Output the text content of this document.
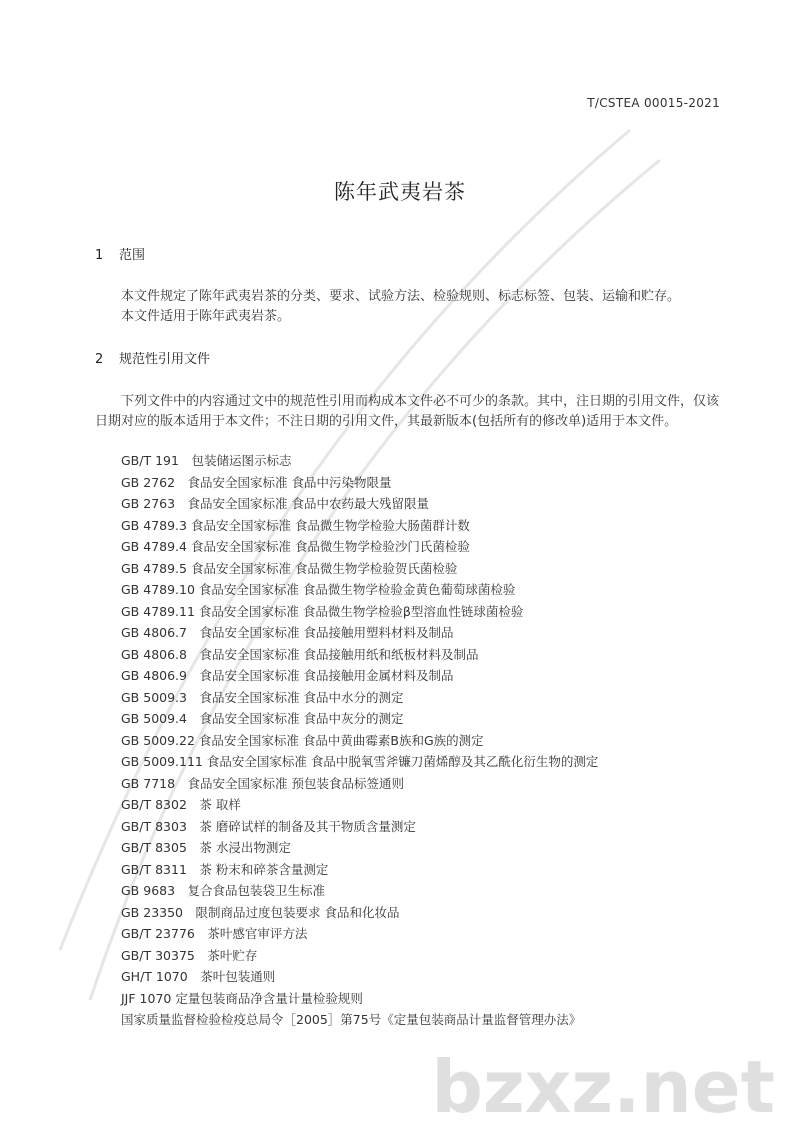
bzxz.net
T/CSTEA 00015-2021
陈年武夷岩茶
1 范围
本文件规定了陈年武夷岩茶的分类、要求、试验方法、检验规则、标志标签、包装、运输和贮存。
本文件适用于陈年武夷岩茶。
2 规范性引用文件
下列文件中的内容通过文中的规范性引用而构成本文件必不可少的条款。其中，注日期的引用文件，仅该日期对应的版本适用于本文件；不注日期的引用文件，其最新版本(包括所有的修改单)适用于本文件。
GB/T 191　包装储运图示标志
GB 2762　食品安全国家标准 食品中污染物限量
GB 2763　食品安全国家标准 食品中农药最大残留限量
GB 4789.3 食品安全国家标准 食品微生物学检验大肠菌群计数
GB 4789.4 食品安全国家标准 食品微生物学检验沙门氏菌检验
GB 4789.5 食品安全国家标准 食品微生物学检验贺氏菌检验
GB 4789.10 食品安全国家标准 食品微生物学检验金黄色葡萄球菌检验
GB 4789.11 食品安全国家标准 食品微生物学检验β型溶血性链球菌检验
GB 4806.7　食品安全国家标准 食品接触用塑料材料及制品
GB 4806.8　食品安全国家标准 食品接触用纸和纸板材料及制品
GB 4806.9　食品安全国家标准 食品接触用金属材料及制品
GB 5009.3　食品安全国家标准 食品中水分的测定
GB 5009.4　食品安全国家标准 食品中灰分的测定
GB 5009.22 食品安全国家标准 食品中黄曲霉素B族和G族的测定
GB 5009.111 食品安全国家标准 食品中脱氧雪斧镰刀菌烯醇及其乙酰化衍生物的测定
GB 7718　食品安全国家标准 预包装食品标签通则
GB/T 8302　茶 取样
GB/T 8303　茶 磨碎试样的制备及其干物质含量测定
GB/T 8305　茶 水浸出物测定
GB/T 8311　茶 粉末和碎茶含量测定
GB 9683　复合食品包装袋卫生标准
GB 23350　限制商品过度包装要求 食品和化妆品
GB/T 23776　茶叶感官审评方法
GB/T 30375　茶叶贮存
GH/T 1070　茶叶包装通则
JJF 1070 定量包装商品净含量计量检验规则
国家质量监督检验检疫总局令［2005］第75号《定量包装商品计量监督管理办法》
